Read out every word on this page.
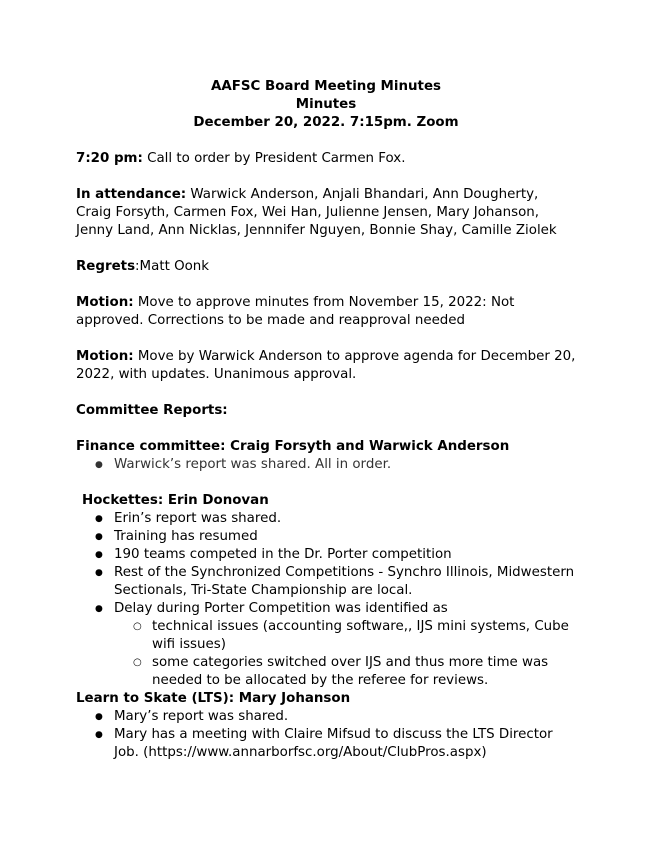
AAFSC Board Meeting Minutes

Minutes

December 20, 2022. 7:15pm. Zoom

7:20 pm: Call to order by President Carmen Fox.

In attendance: Warwick Anderson, Anjali Bhandari, Ann Dougherty, Craig Forsyth, Carmen Fox, Wei Han, Julienne Jensen, Mary Johanson, Jenny Land, Ann Nicklas, Jennnifer Nguyen, Bonnie Shay, Camille Ziolek

Regrets:Matt Oonk

Motion: Move to approve minutes from November 15, 2022: Not approved. Corrections to be made and reapproval needed

Motion: Move by Warwick Anderson to approve agenda for December 20, 2022, with updates. Unanimous approval.

Committee Reports:

Finance committee: Craig Forsyth and Warwick Anderson

● Warwick’s report was shared. All in order.

Hockettes: Erin Donovan

● Erin’s report was shared.
● Training has resumed
● 190 teams competed in the Dr. Porter competition
● Rest of the Synchronized Competitions - Synchro Illinois, Midwestern Sectionals, Tri-State Championship are local.
● Delay during Porter Competition was identified as
○ technical issues (accounting software,, IJS mini systems, Cube wifi issues)
○ some categories switched over IJS and thus more time was needed to be allocated by the referee for reviews.

Learn to Skate (LTS): Mary Johanson

● Mary’s report was shared.
● Mary has a meeting with Claire Mifsud to discuss the LTS Director Job. (https://www.annarborfsc.org/About/ClubPros.aspx)
